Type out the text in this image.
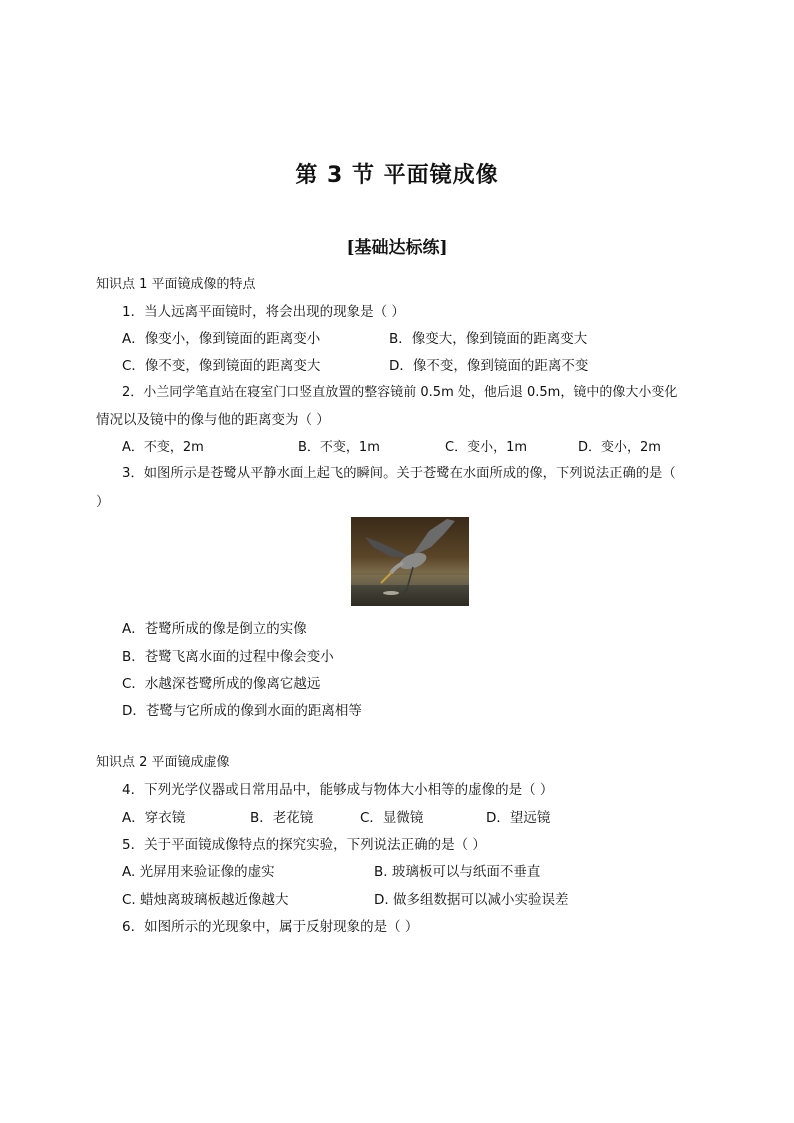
第 3 节 平面镜成像
[基础达标练]
知识点 1 平面镜成像的特点
1．当人远离平面镜时，将会出现的现象是（ ）
A．像变小，像到镜面的距离变小	B．像变大，像到镜面的距离变大
C．像不变，像到镜面的距离变大	D．像不变，像到镜面的距离不变
2．小兰同学笔直站在寝室门口竖直放置的整容镜前 0.5m 处，他后退 0.5m，镜中的像大小变化
情况以及镜中的像与他的距离变为（ ）
A．不变，2m	B．不变，1m	C．变小，1m	D．变小，2m
3．如图所示是苍鹭从平静水面上起飞的瞬间。关于苍鹭在水面所成的像，下列说法正确的是（
）
A．苍鹭所成的像是倒立的实像
B．苍鹭飞离水面的过程中像会变小
C．水越深苍鹭所成的像离它越远
D．苍鹭与它所成的像到水面的距离相等
知识点 2 平面镜成虚像
4．下列光学仪器或日常用品中，能够成与物体大小相等的虚像的是（ ）
A．穿衣镜	B．老花镜	C．显微镜	D．望远镜
5．关于平面镜成像特点的探究实验，下列说法正确的是（ ）
A. 光屏用来验证像的虚实	B. 玻璃板可以与纸面不垂直
C. 蜡烛离玻璃板越近像越大	D. 做多组数据可以减小实验误差
6．如图所示的光现象中，属于反射现象的是（ ）
